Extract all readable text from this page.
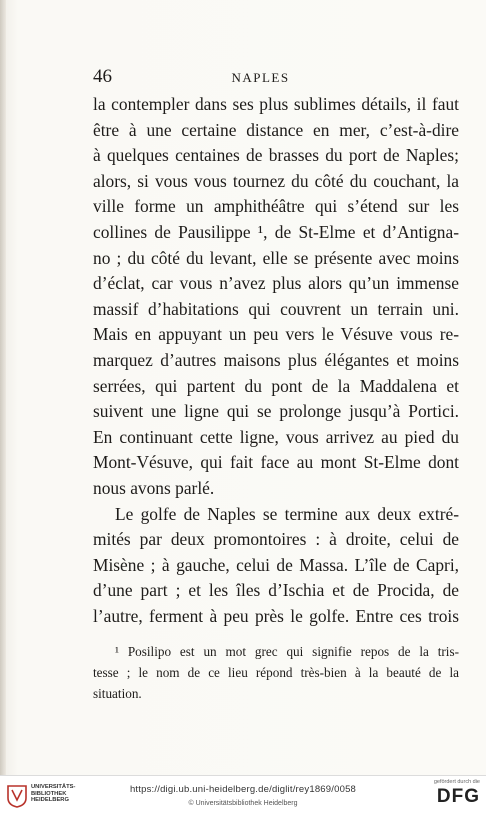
46	NAPLES
la contempler dans ses plus sublimes détails, il faut
être à une certaine distance en mer, c’est-à-dire
à quelques centaines de brasses du port de Naples;
alors, si vous vous tournez du côté du couchant, la
ville forme un amphithéâtre qui s’étend sur les
collines de Pausilippe ¹, de St-Elme et d’Antigna-
no ; du côté du levant, elle se présente avec moins
d’éclat, car vous n’avez plus alors qu’un immense
massif d’habitations qui couvrent un terrain uni.
Mais en appuyant un peu vers le Vésuve vous re-
marquez d’autres maisons plus élégantes et moins
serrées, qui partent du pont de la Maddalena et
suivent une ligne qui se prolonge jusqu’à Portici.
En continuant cette ligne, vous arrivez au pied du
Mont-Vésuve, qui fait face au mont St-Elme dont
nous avons parlé.
Le golfe de Naples se termine aux deux extré-
mités par deux promontoires : à droite, celui de
Misène ; à gauche, celui de Massa. L’île de Capri,
d’une part ; et les îles d’Ischia et de Procida, de
l’autre, ferment à peu près le golfe. Entre ces trois
¹ Posilipo est un mot grec qui signifie repos de la tris-
tesse ; le nom de ce lieu répond très-bien à la beauté de la
situation.
UNIVERSITÄTS-BIBLIOTHEK HEIDELBERG
https://digi.ub.uni-heidelberg.de/diglit/rey1869/0058
© Universitätsbibliothek Heidelberg
gefördert durch die
DFG
